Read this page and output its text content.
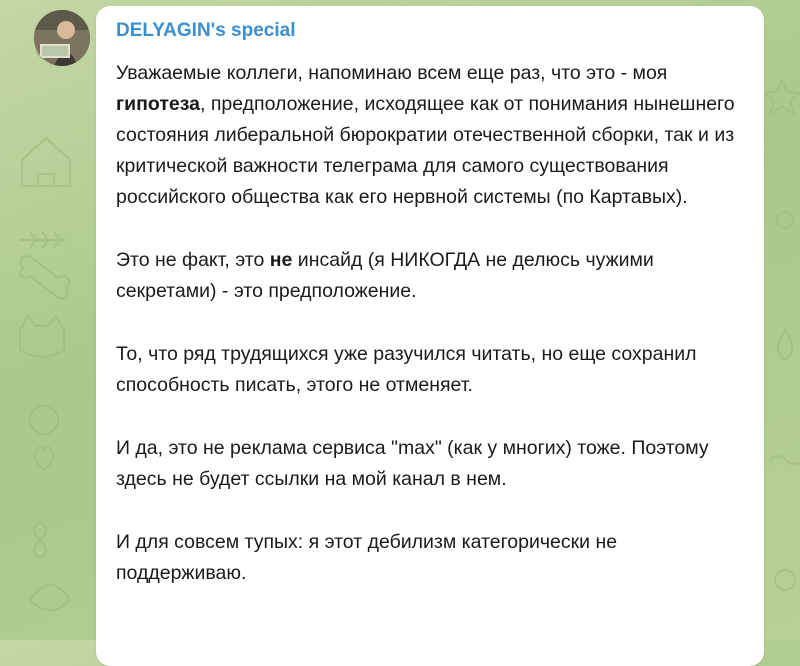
DELYAGIN's special

Уважаемые коллеги, напоминаю всем еще раз, что это - моя гипотеза, предположение, исходящее как от понимания нынешнего состояния либеральной бюрократии отечественной сборки, так и из критической важности телеграма для самого существования российского общества как его нервной системы (по Картавых).

Это не факт, это не инсайд (я НИКОГДА не делюсь чужими секретами) - это предположение.

То, что ряд трудящихся уже разучился читать, но еще сохранил способность писать, этого не отменяет.

И да, это не реклама сервиса "max" (как у многих) тоже. Поэтому здесь не будет ссылки на мой канал в нем.

И для совсем тупых: я этот дебилизм категорически не поддерживаю.
